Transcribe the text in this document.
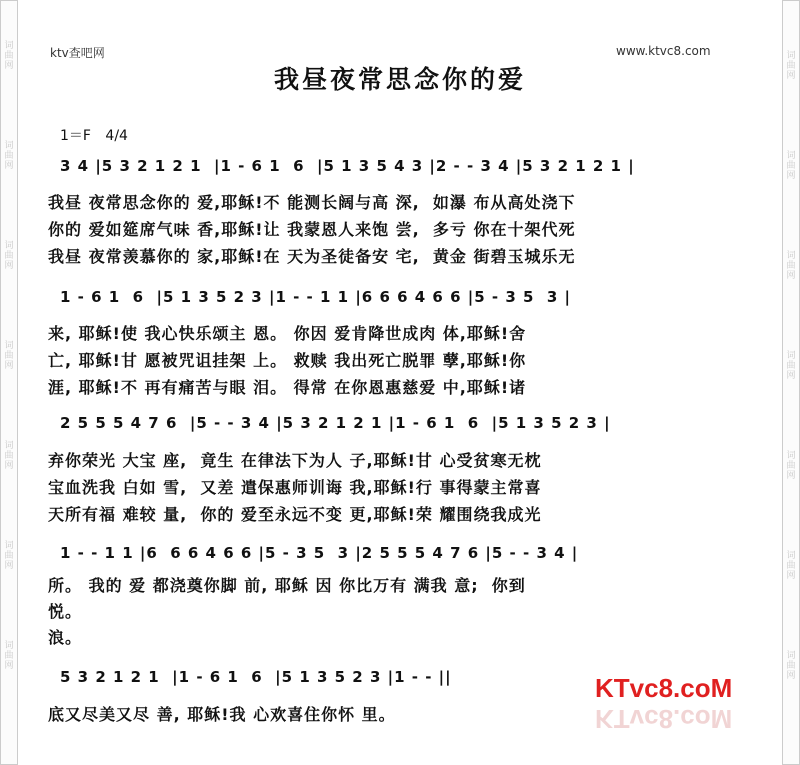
词曲网
词曲网
词曲网
词曲网
词曲网
词曲网
词曲网
词曲网
词曲网
词曲网
词曲网
词曲网
词曲网
词曲网
ktv查吧网	www.ktvc8.com
我昼夜常思念你的爱
1＝F 4/4
3 4 |5 3 2 1 2 1  |1 - 6 1  6  |5 1 3 5 4 3 |2 - - 3 4 |5 3 2 1 2 1 |
我昼 夜常思念你的 爱,耶稣!不 能测长阔与高 深,  如瀑 布从高处浇下
你的 爱如筵席气味 香,耶稣!让 我蒙恩人来饱 尝,  多亏 你在十架代死
我昼 夜常羡慕你的 家,耶稣!在 天为圣徒备安 宅,  黄金 街碧玉城乐无
1 - 6 1  6  |5 1 3 5 2 3 |1 - - 1 1 |6 6 6 4 6 6 |5 - 3 5  3 |
来, 耶稣!使 我心快乐颂主 恩。 你因 爱肯降世成肉 体,耶稣!舍
亡, 耶稣!甘 愿被咒诅挂架 上。 救赎 我出死亡脱罪 孽,耶稣!你
涯, 耶稣!不 再有痛苦与眼 泪。 得常 在你恩惠慈爱 中,耶稣!诸
2 5 5 5 4 7 6  |5 - - 3 4 |5 3 2 1 2 1 |1 - 6 1  6  |5 1 3 5 2 3 |
弃你荣光 大宝 座,  竟生 在律法下为人 子,耶稣!甘 心受贫寒无枕
宝血洗我 白如 雪,  又差 遣保惠师训诲 我,耶稣!行 事得蒙主常喜
天所有福 难较 量,  你的 爱至永远不变 更,耶稣!荣 耀围绕我成光
1 - - 1 1 |6  6 6 4 6 6 |5 - 3 5  3 |2 5 5 5 4 7 6 |5 - - 3 4 |
所。 我的 爱 都浇奠你脚 前, 耶稣 因 你比万有 满我 意;  你到
悦。
浪。
5 3 2 1 2 1  |1 - 6 1  6  |5 1 3 5 2 3 |1 - - ||
底又尽美又尽 善, 耶稣!我 心欢喜住你怀 里。
KTvc8.coM
KTvc8.coM
